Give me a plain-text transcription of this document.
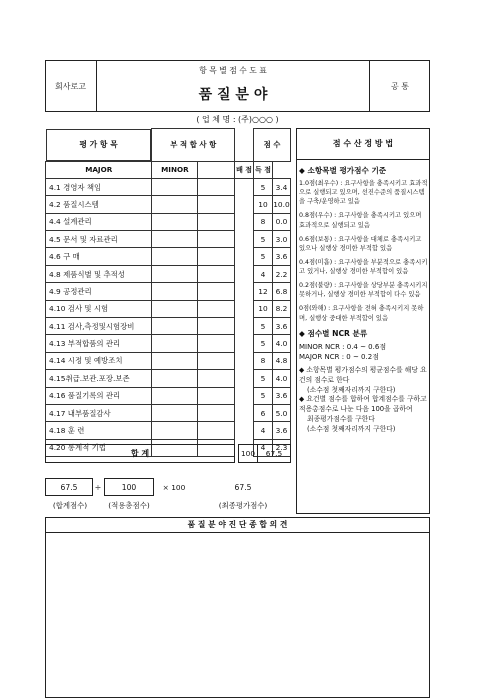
회사로고	공 통
항 목 별 점 수 도 표
품 질 분 야
( 업 체 명 : (주)○○○ )
평 가 항 목	부 적 합 사 항			점 수	
MAJOR	MINOR		배 점	득 점	
4.1 경영자 책임				5	3.4
4.2 품질시스템				10	10.0
4.4 설계관리				8	0.0
4.5 문서 및 자료관리				5	3.0
4.6 구 매				5	3.6
4.8 제품식별 및 추적성				4	2.2
4.9 공정관리				12	6.8
4.10 검사 및 시험				10	8.2
4.11 검사,측정및시험장비				5	3.6
4.13 부적합품의 관리				5	4.0
4.14 시정 및 예방조치				8	4.8
4.15취급.보관.포장.보존				5	4.0
4.16 품질기록의 관리				5	3.6
4.17 내부품질감사				6	5.0
4.18 훈 련				4	3.6
4.20 통계적 기법				4	2.3
점 수 산 정 방 법
◆ 소항목별 평가점수 기준

1.0점(최우수) : 요구사항을 충족시키고 효과적으로 실행되고 있으며, 선진수준의 품질시스템을 구축/운영하고 있음

0.8점(우수) : 요구사항을 충족시키고 있으며 효과적으로 실행되고 있음

0.6점(보통) : 요구사항을 대체로 충족시키고 있으나 실행상 경미한 부적합 있음

0.4점(미흡) : 요구사항을 부분적으로 충족시키고 있거나, 실행상 경미한 부적합이 있음

0.2점(불량) : 요구사항을 상당부분 충족시키지 못하거나, 실행상 경미한 부적합이 다수 있음

0점(와해) : 요구사항을 전혀 충족시키지 못하며, 실행상 중대한 부적합이 있음

◆ 점수별 NCR 분류
MINOR NCR : 0.4 ~ 0.6점
MAJOR NCR : 0 ~ 0.2점
◆ 소항목별 평가점수의 평균점수를 해당 요건의 점수로 한다
(소수점 첫째자리까지 구한다)
◆ 요건별 점수를 합하여 합계점수를 구하고 적용총점수로 나눈 다음 100을 곱하여
최종평가점수를 구한다
(소수점 첫째자리까지 구한다)
합 계	100	67.5
67.5	÷	100	× 100	67.5
(합계점수)	(적용총점수)	(최종평가점수)
품 질 분 야 진 단 종 합 의 견
